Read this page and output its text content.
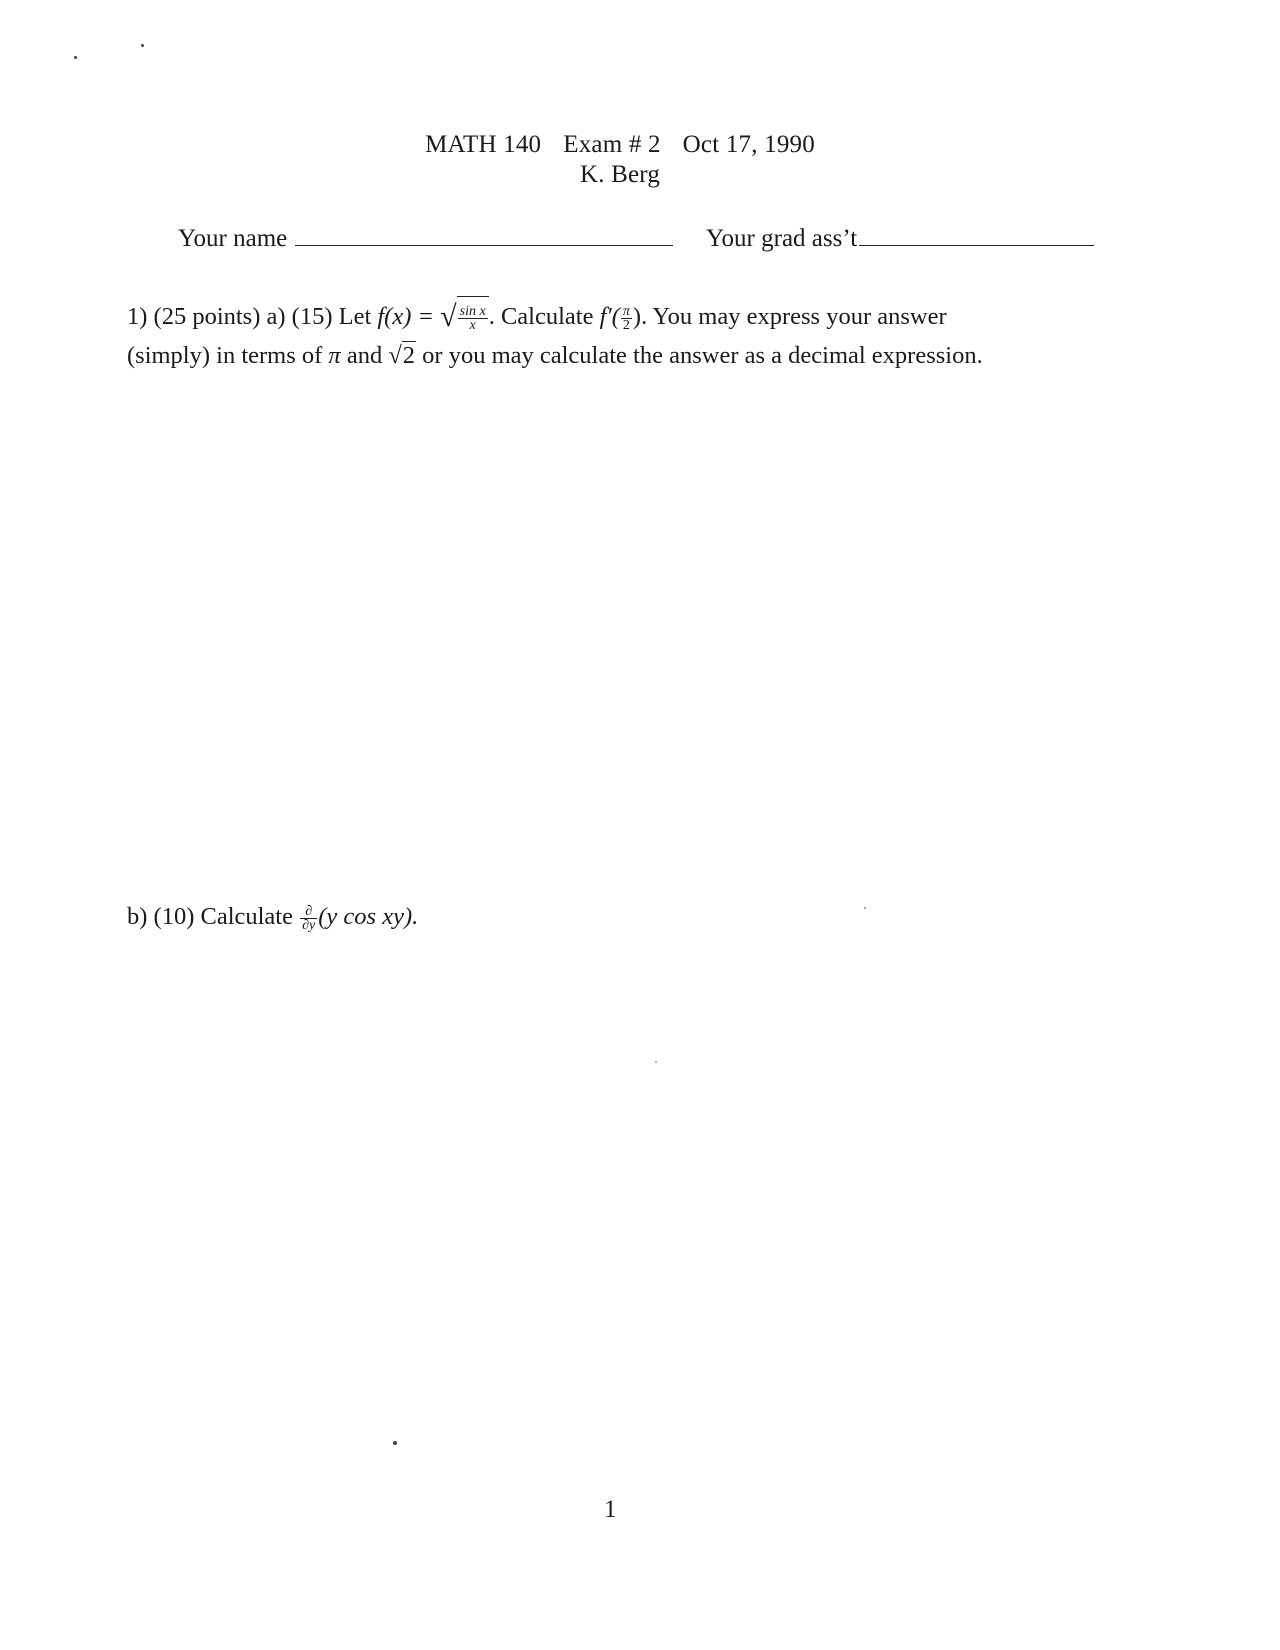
MATH 140 Exam # 2 Oct 17, 1990
K. Berg
Your name	Your grad ass’t
1) (25 points) a) (15) Let f(x) = √ $\frac{\text{sin x}}{x}$ . Calculate $f'( \frac{\pi}{2}$ ). You may express your answer
(simply) in terms of π and √2 or you may calculate the answer as a decimal expression.
b) (10) Calculate $\frac{\partial}{\partial y} (y$ cos xy).
1
